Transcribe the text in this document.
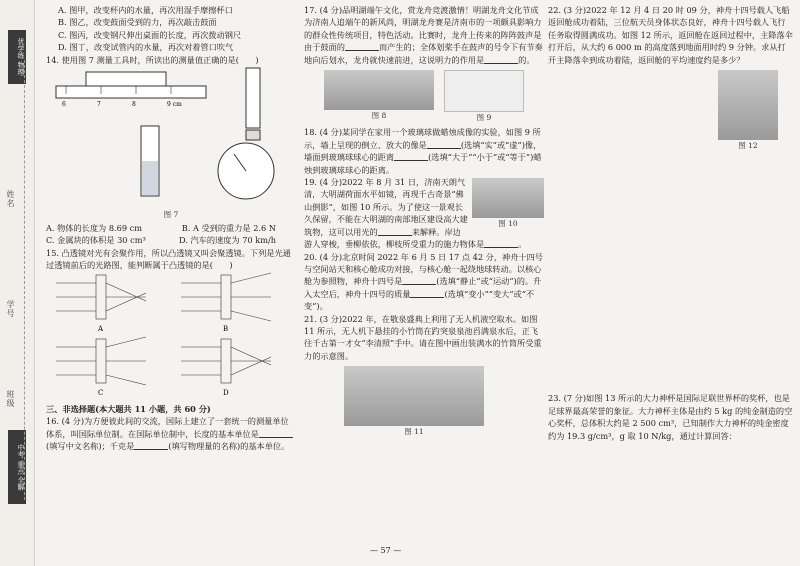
优学练 物理
姓名
学号
班级
中考 重点 全解

A. 图甲，改变杯内的水量，再次用湿手摩擦杯口

B. 图乙，改变鼓面受到的力，再次敲击鼓面

C. 图丙，改变钢尺伸出桌面的长度，再次拨动钢尺

D. 图丁，改变试管内的水量，再次对着管口吹气

14. 使用图 7 测量工具时，所读出的测量值正确的是(　　)

6	7	8	9 cm
图 7
A. 物体的长度为 8.69 cm	B. A 受到的重力是 2.6 N
C. 金属块的体积是 30 cm³	D. 汽车的速度为 70 km/h

15. 凸透镜对光有会聚作用，所以凸透镜又叫会聚透镜。下列是光通过透镜前后的光路图，能判断属于凸透镜的是(　　)

A	B
C	D

三、非选择题(本大题共 11 小题，共 60 分)

16. (4 分)为方便彼此间的交流，国际上建立了一套统一的测量单位体系，叫国际单位制。在国际单位制中，长度的基本单位是(填写中文名称)；千克是	(填写物理量的名称)的基本单位。

17. (4 分)品明湖端午文化，赏龙舟竞渡激情！明湖龙舟文化节成为济南人追端午的新风尚，明湖龙舟赛是济南市的一项颇具影响力的群众性传统项目，特色活动。比赛时，龙舟上传来的阵阵鼓声是由于鼓面的	而产生的；全体划桨手在鼓声的号令下有节奏地向后划水，龙舟就快速前进，这说明力的作用是	的。

图 8	图 9

18. (4 分)某同学在家用一个玻璃球做蜡烛成像的实验，如图 9 所示，墙上呈现的倒立、放大的像是	(选填“实”或“虚”)像，墙面到玻璃球球心的距离	(选填“大于”“小于”或“等于”)蜡烛到玻璃球球心的距离。

图 10

19. (4 分)2022 年 8 月 31 日，济南天朗气清，大明湖荷面水平如镜，再现千古奇景“佛山倒影”，如图 10 所示。为了使这一景观长久保留，不能在大明湖的南部地区建设高大建筑物，这可以用光的	来解释。岸边游人穿梭，垂柳依依，柳枝所受重力的施力物体是	。

20. (4 分)北京时间 2022 年 6 月 5 日 17 点 42 分，神舟十四号与空间站天和核心舱成功对接，与核心舱一起绕地球转动。以核心舱为参照物，神舟十四号是	(选填“静止”或“运动”)的。升入太空后，神舟十四号的质量	(选填“变小”“变大”或“不变”)。

21. (3 分)2022 年，在敬泉盛典上利用了无人机液空取水。如图 11 所示，无人机下悬挂的小竹筒在趵突泉泉池舀满泉水后，正飞往千古第一才女“李清照”手中。请在图中画出装满水的竹筒所受重力的示意图。

图 11

22. (3 分)2022 年 12 月 4 日 20 时 09 分，神舟十四号载人飞船返回舱成功着陆，三位航天员身体状态良好，神舟十四号载人飞行任务取得圆满成功。如图 12 所示，返回舱在返回过程中，主降落伞打开后，从大约 6 000 m 的高度落到地面用时约 9 分钟。求从打开主降落伞到成功着陆，返回舱的平均速度约是多少？

图 12

23. (7 分)如图 13 所示的大力神杯是国际足联世界杯的奖杯，也是足球界最高荣誉的象征。大力神杯主体是由约 5 kg 的纯金制造的空心奖杯，总体积大约是 2 500 cm³，已知制作大力神杯的纯金密度约为 19.3 g/cm³，g 取 10 N/kg，通过计算回答：

— 57 —
